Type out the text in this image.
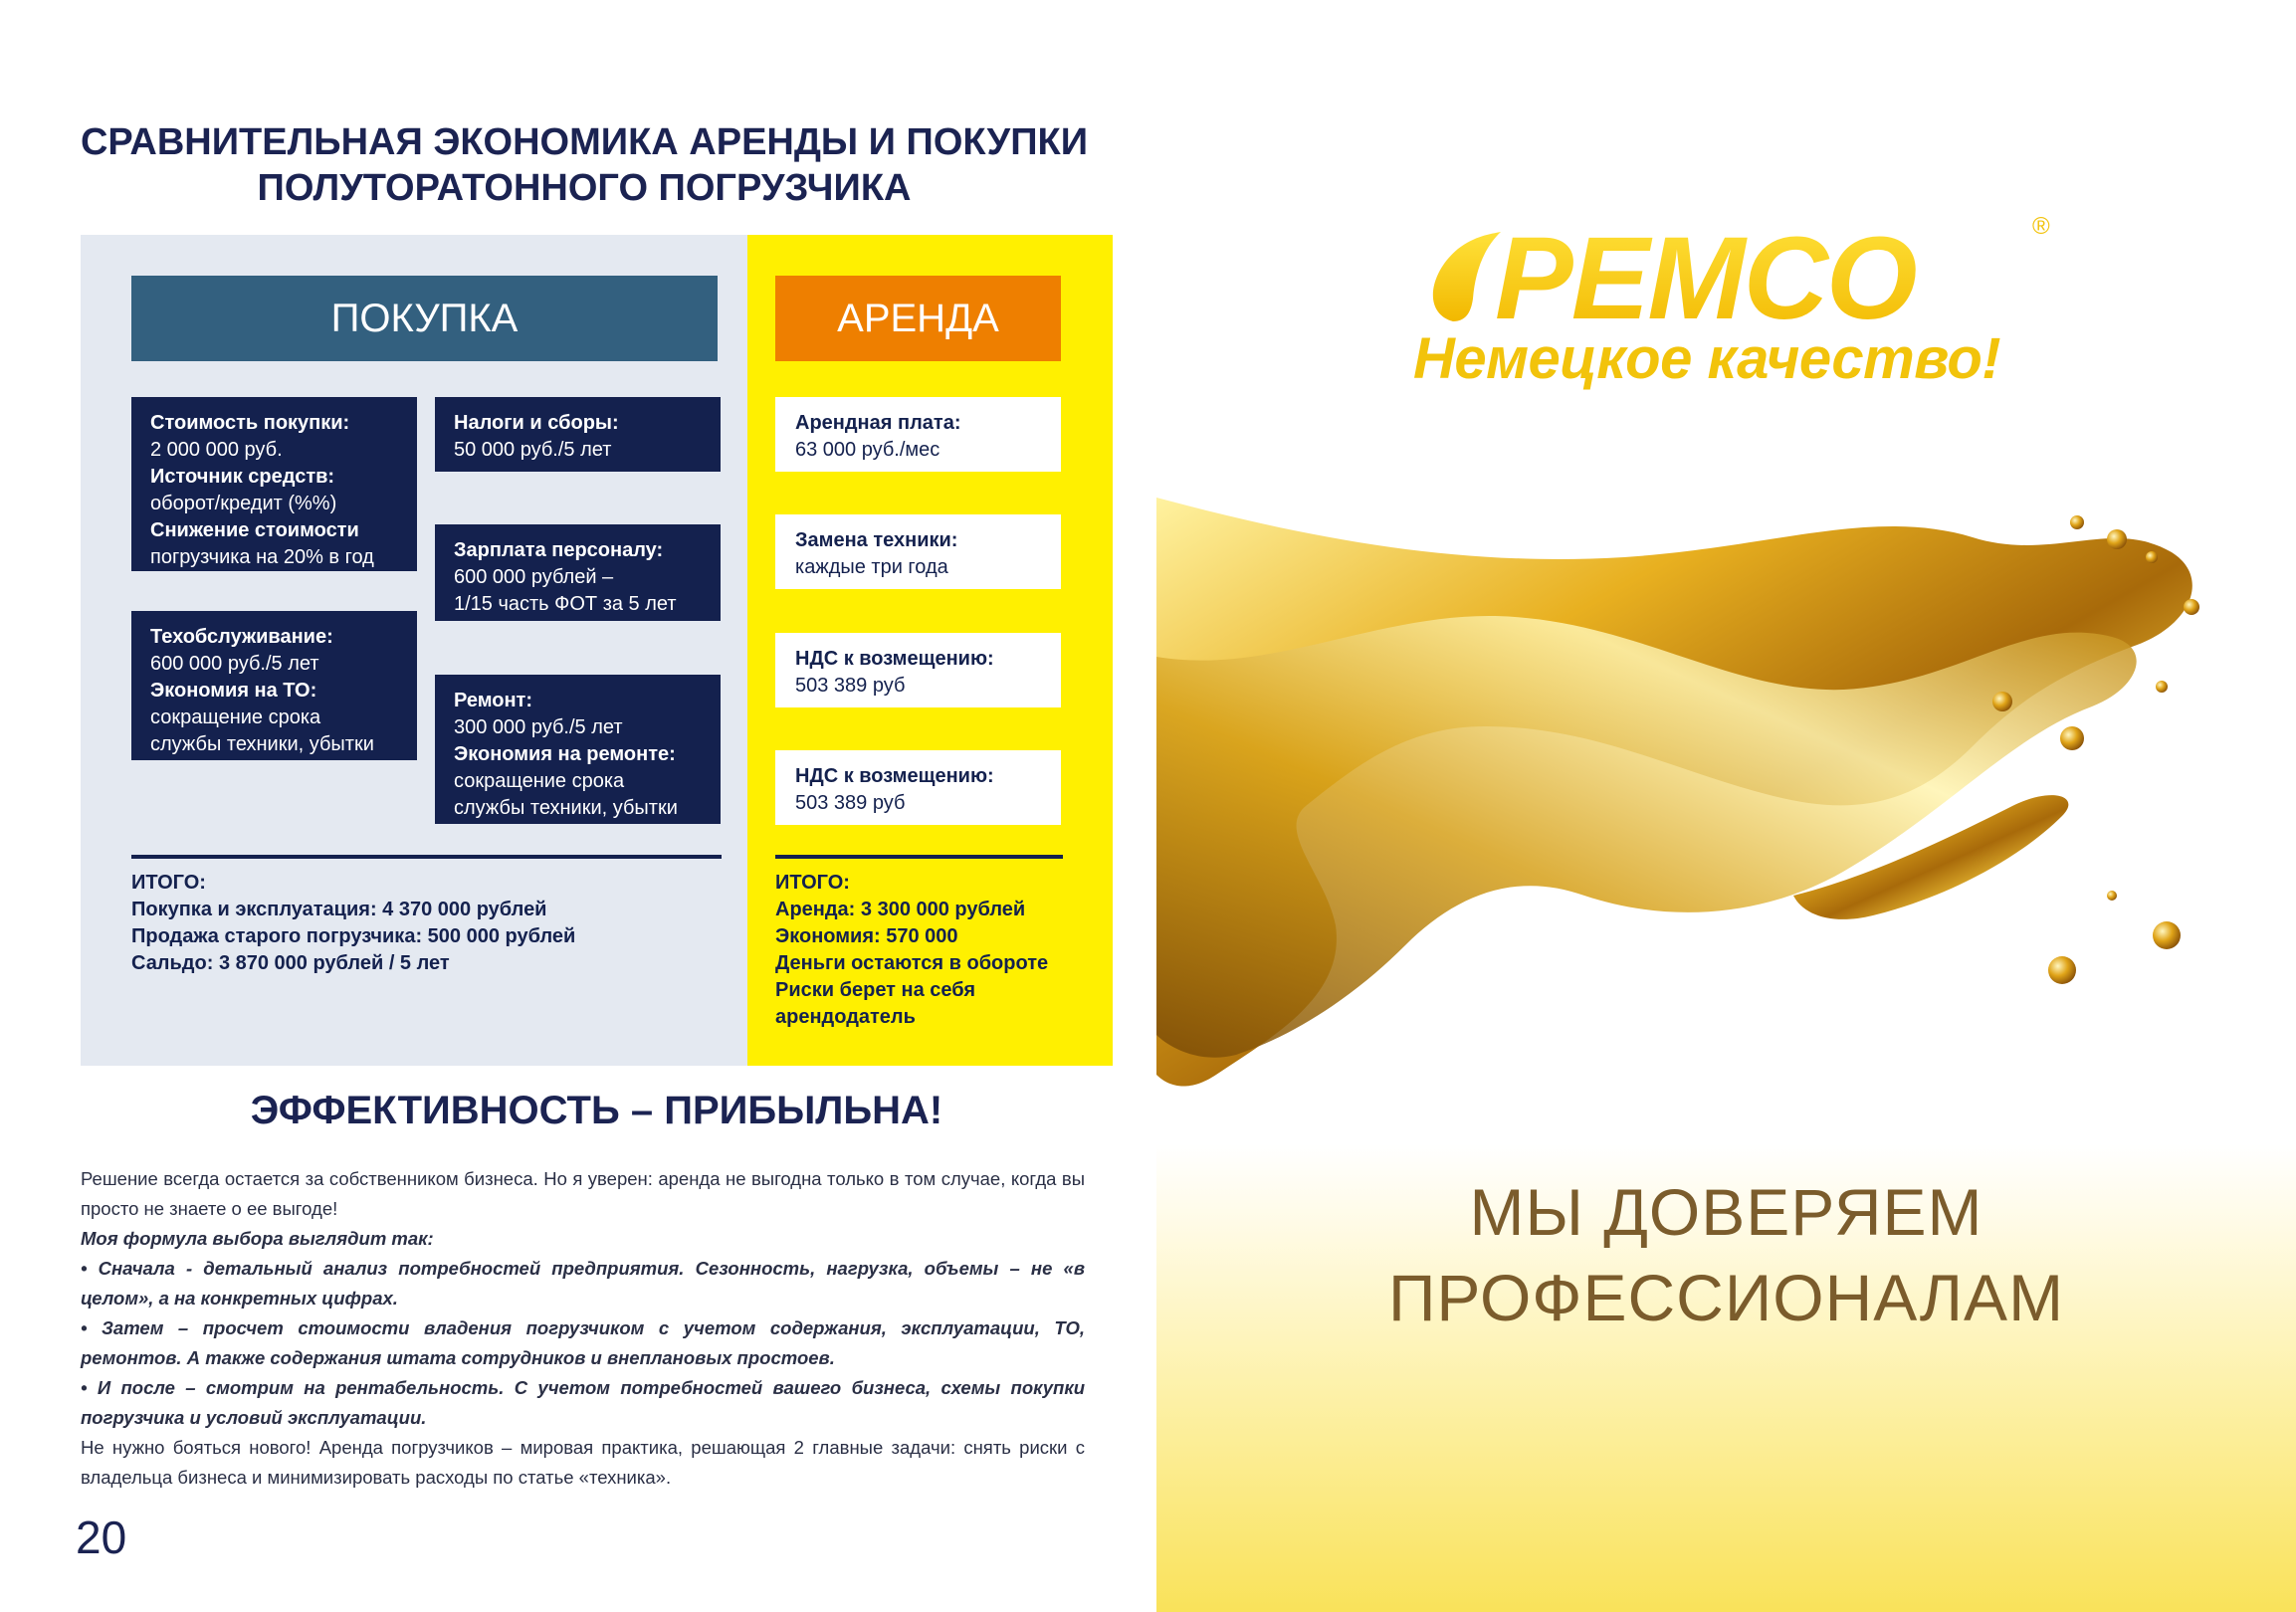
СРАВНИТЕЛЬНАЯ ЭКОНОМИКА АРЕНДЫ И ПОКУПКИ
ПОЛУТОРАТОННОГО ПОГРУЗЧИКА
ПОКУПКА	АРЕНДА
Стоимость покупки:
2 000 000 руб.
Источник средств:
оборот/кредит (%%)
Снижение стоимости
погрузчика на 20% в год
Техобслуживание:
600 000 руб./5 лет
Экономия на ТО:
сокращение срока
службы техники, убытки
Налоги и сборы:
50 000 руб./5 лет
Зарплата персоналу:
600 000 рублей –
1/15 часть ФОТ за 5 лет
Ремонт:
300 000 руб./5 лет
Экономия на ремонте:
сокращение срока
службы техники, убытки
Арендная плата:
63 000 руб./мес
Замена техники:
каждые три года
НДС к возмещению:
503 389 руб
НДС к возмещению:
503 389 руб
ИТОГО:
Покупка и эксплуатация: 4 370 000 рублей
Продажа старого погрузчика: 500 000 рублей
Сальдо: 3 870 000 рублей / 5 лет
ИТОГО:
Аренда: 3 300 000 рублей
Экономия: 570 000
Деньги остаются в обороте
Риски берет на себя
арендодатель
ЭФФЕКТИВНОСТЬ – ПРИБЫЛЬНА!

Решение всегда остается за собственником бизнеса. Но я уверен: аренда не выгодна только в том случае, когда вы просто не знаете о ее выгоде!

Моя формула выбора выглядит так:

• Сначала - детальный анализ потребностей предприятия. Сезонность, нагрузка, объемы – не «в целом», а на конкретных цифрах.

• Затем – просчет стоимости владения погрузчиком с учетом содержания, эксплуатации, ТО, ремонтов. А также содержания штата сотрудников и внеплановых простоев.

• И после – смотрим на рентабельность. С учетом потребностей вашего бизнеса, схемы покупки погрузчика и условий эксплуатации.

Не нужно бояться нового! Аренда погрузчиков – мировая практика, решающая 2 главные задачи: снять риски с владельца бизнеса и минимизировать расходы по статье «техника».

20
PEMCO	®
Немецкое качество!
МЫ ДОВЕРЯЕМ
ПРОФЕССИОНАЛАМ
